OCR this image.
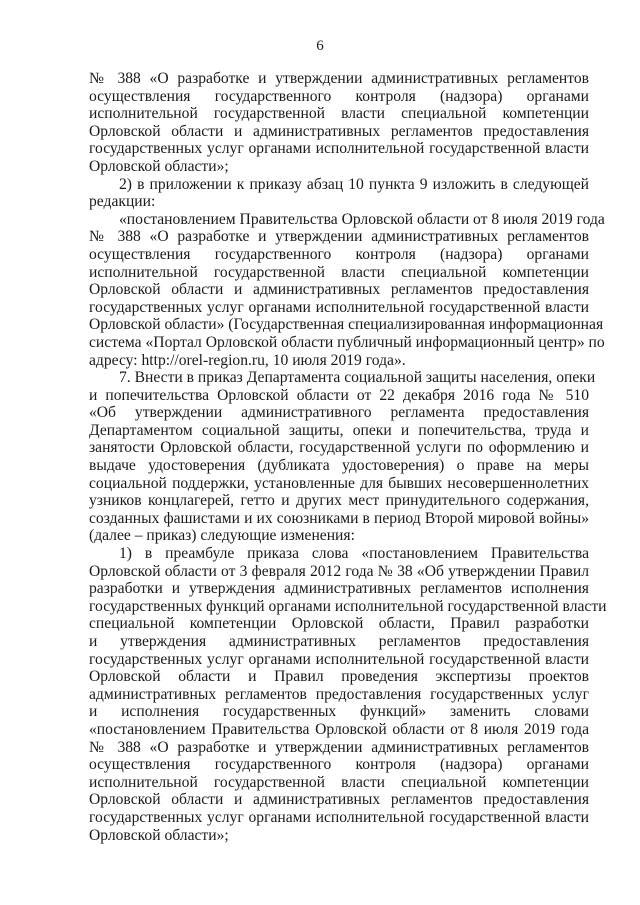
6
№ 388 «О разработке и утверждении административных регламентов
осуществления государственного контроля (надзора) органами
исполнительной государственной власти специальной компетенции
Орловской области и административных регламентов предоставления
государственных услуг органами исполнительной государственной власти
Орловской области»;
2) в приложении к приказу абзац 10 пункта 9 изложить в следующей
редакции:
«постановлением Правительства Орловской области от 8 июля 2019 года
№ 388 «О разработке и утверждении административных регламентов
осуществления государственного контроля (надзора) органами
исполнительной государственной власти специальной компетенции
Орловской области и административных регламентов предоставления
государственных услуг органами исполнительной государственной власти
Орловской области» (Государственная специализированная информационная
система «Портал Орловской области публичный информационный центр» по
адресу: http://orel-region.ru, 10 июля 2019 года».
7. Внести в приказ Департамента социальной защиты населения, опеки
и попечительства Орловской области от 22 декабря 2016 года № 510
«Об утверждении административного регламента предоставления
Департаментом социальной защиты, опеки и попечительства, труда и
занятости Орловской области, государственной услуги по оформлению и
выдаче удостоверения (дубликата удостоверения) о праве на меры
социальной поддержки, установленные для бывших несовершеннолетних
узников концлагерей, гетто и других мест принудительного содержания,
созданных фашистами и их союзниками в период Второй мировой войны»
(далее – приказ) следующие изменения:
1) в преамбуле приказа слова «постановлением Правительства
Орловской области от 3 февраля 2012 года № 38 «Об утверждении Правил
разработки и утверждения административных регламентов исполнения
государственных функций органами исполнительной государственной власти
специальной компетенции Орловской области, Правил разработки
и утверждения административных регламентов предоставления
государственных услуг органами исполнительной государственной власти
Орловской области и Правил проведения экспертизы проектов
административных регламентов предоставления государственных услуг
и исполнения государственных функций» заменить словами
«постановлением Правительства Орловской области от 8 июля 2019 года
№ 388 «О разработке и утверждении административных регламентов
осуществления государственного контроля (надзора) органами
исполнительной государственной власти специальной компетенции
Орловской области и административных регламентов предоставления
государственных услуг органами исполнительной государственной власти
Орловской области»;
